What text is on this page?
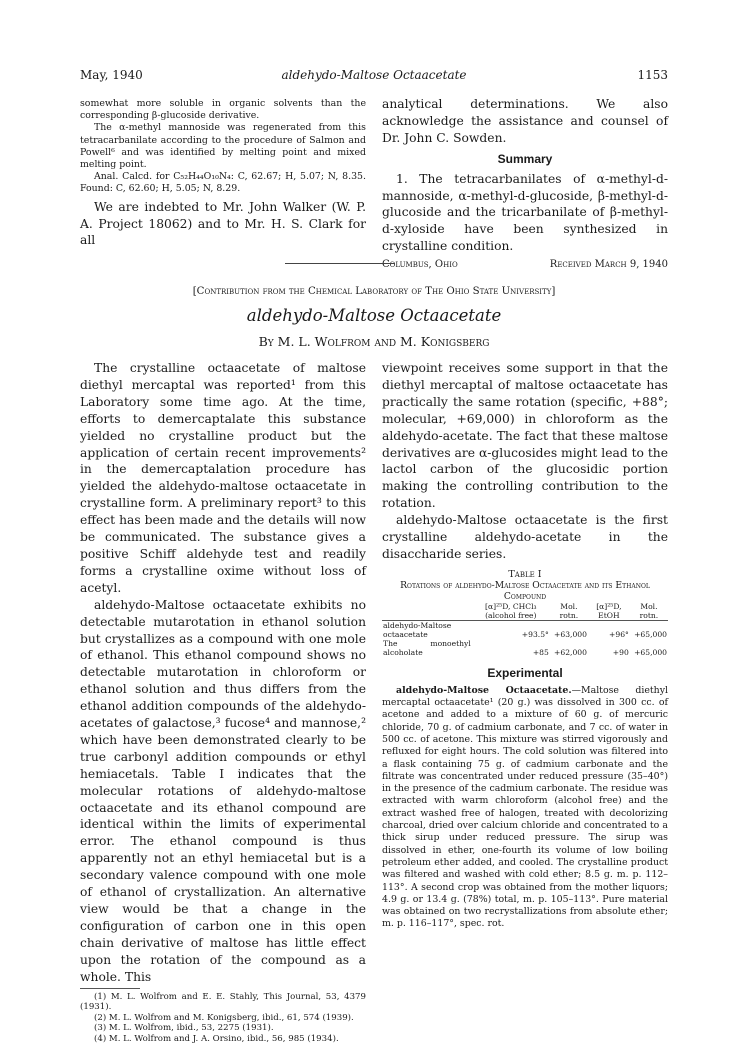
May, 1940	aldehydo-Maltose Octaacetate	1153

somewhat more soluble in organic solvents than the corresponding β-glucoside derivative.

The α-methyl mannoside was regenerated from this tetracarbanilate according to the procedure of Salmon and Powell⁶ and was identified by melting point and mixed melting point.

Anal. Calcd. for C₅₂H₄₄O₁₀N₄: C, 62.67; H, 5.07; N, 8.35. Found: C, 62.60; H, 5.05; N, 8.29.

We are indebted to Mr. John Walker (W. P. A. Project 18062) and to Mr. H. S. Clark for all

analytical determinations. We also acknowledge the assistance and counsel of Dr. John C. Sowden.

Summary

1. The tetracarbanilates of α-methyl-d-mannoside, α-methyl-d-glucoside, β-methyl-d-glucoside and the tricarbanilate of β-methyl-d-xyloside have been synthesized in crystalline condition.

Columbus, Ohio	Received March 9, 1940
[Contribution from the Chemical Laboratory of The Ohio State University]
aldehydo-Maltose Octaacetate
By M. L. Wolfrom and M. Konigsberg

The crystalline octaacetate of maltose diethyl mercaptal was reported¹ from this Laboratory some time ago. At the time, efforts to demercaptalate this substance yielded no crystalline product but the application of certain recent improvements² in the demercaptalation procedure has yielded the aldehydo-maltose octaacetate in crystalline form. A preliminary report³ to this effect has been made and the details will now be communicated. The substance gives a positive Schiff aldehyde test and readily forms a crystalline oxime without loss of acetyl.

aldehydo-Maltose octaacetate exhibits no detectable mutarotation in ethanol solution but crystallizes as a compound with one mole of ethanol. This ethanol compound shows no detectable mutarotation in chloroform or ethanol solution and thus differs from the ethanol addition compounds of the aldehydo-acetates of galactose,³ fucose⁴ and mannose,² which have been demonstrated clearly to be true carbonyl addition compounds or ethyl hemiacetals. Table I indicates that the molecular rotations of aldehydo-maltose octaacetate and its ethanol compound are identical within the limits of experimental error. The ethanol compound is thus apparently not an ethyl hemiacetal but is a secondary valence compound with one mole of ethanol of crystallization. An alternative view would be that a change in the configuration of carbon one in this open chain derivative of maltose has little effect upon the rotation of the compound as a whole. This

(1) M. L. Wolfrom and E. E. Stahly, This Journal, 53, 4379 (1931).
(2) M. L. Wolfrom and M. Konigsberg, ibid., 61, 574 (1939).
(3) M. L. Wolfrom, ibid., 53, 2275 (1931).
(4) M. L. Wolfrom and J. A. Orsino, ibid., 56, 985 (1934).

viewpoint receives some support in that the diethyl mercaptal of maltose octaacetate has practically the same rotation (specific, +88°; molecular, +69,000) in chloroform as the aldehydo-acetate. The fact that these maltose derivatives are α-glucosides might lead to the lactol carbon of the glucosidic portion making the controlling contribution to the rotation.

aldehydo-Maltose octaacetate is the first crystalline aldehydo-acetate in the disaccharide series.

Table I
Rotations of aldehydo-Maltose Octaacetate and its Ethanol Compound
	[α]²⁵D, CHCl₃ (alcohol free)	Mol. rotn.	[α]²⁵D, EtOH	Mol. rotn.
aldehydo-Maltose octaacetate	+93.5°	+63,000	+96°	+65,000
The monoethyl alcoholate	+85	+62,000	+90	+65,000
Experimental

aldehydo-Maltose Octaacetate.—Maltose diethyl mercaptal octaacetate¹ (20 g.) was dissolved in 300 cc. of acetone and added to a mixture of 60 g. of mercuric chloride, 70 g. of cadmium carbonate, and 7 cc. of water in 500 cc. of acetone. This mixture was stirred vigorously and refluxed for eight hours. The cold solution was filtered into a flask containing 75 g. of cadmium carbonate and the filtrate was concentrated under reduced pressure (35–40°) in the presence of the cadmium carbonate. The residue was extracted with warm chloroform (alcohol free) and the extract washed free of halogen, treated with decolorizing charcoal, dried over calcium chloride and concentrated to a thick sirup under reduced pressure. The sirup was dissolved in ether, one-fourth its volume of low boiling petroleum ether added, and cooled. The crystalline product was filtered and washed with cold ether; 8.5 g. m. p. 112–113°. A second crop was obtained from the mother liquors; 4.9 g. or 13.4 g. (78%) total, m. p. 105–113°. Pure material was obtained on two recrystallizations from absolute ether; m. p. 116–117°, spec. rot.
